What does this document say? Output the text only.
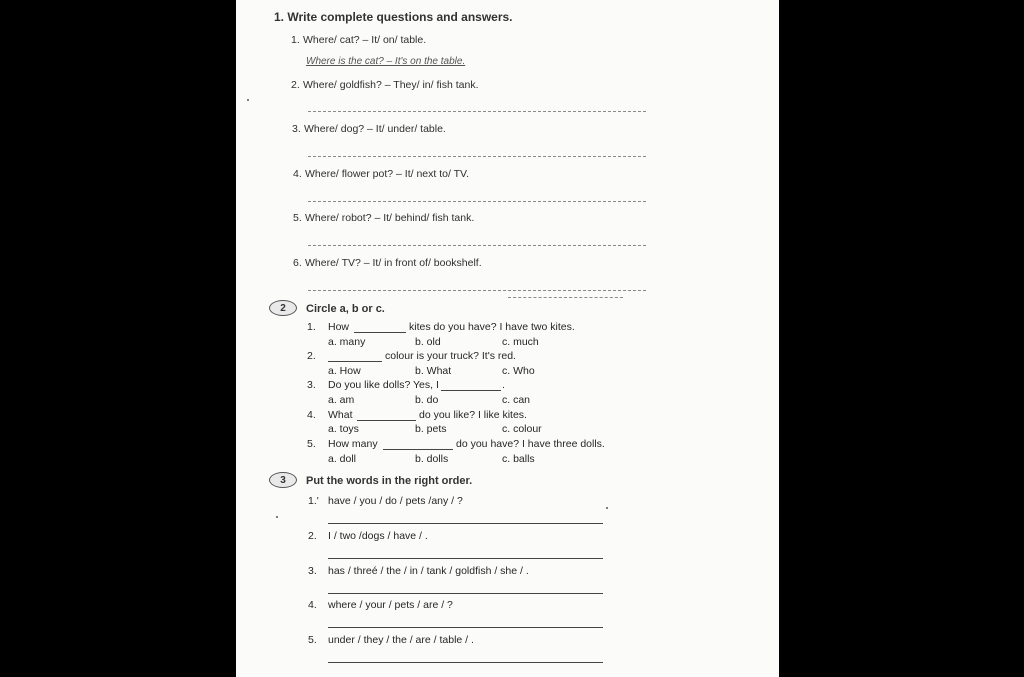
1. Write complete questions and answers.
1. Where/ cat? – It/ on/ table.
Where is the cat? – It's on the table.
2. Where/ goldfish? – They/ in/ fish tank.
3. Where/ dog? – It/ under/ table.
4. Where/ flower pot? – It/ next to/ TV.
5. Where/ robot? – It/ behind/ fish tank.
6. Where/ TV? – It/ in front of/ bookshelf.
2	Circle a, b or c.
1. How	kites do you have? I have two kites.
a. many	b. old	c. much
2.	colour is your truck? It's red.
a. How	b. What	c. Who
3. Do you like dolls? Yes, I	.
a. am	b. do	c. can
4. What	do you like? I like kites.
a. toys	b. pets	c. colour
5. How many	do you have? I have three dolls.
a. doll	b. dolls	c. balls
3	Put the words in the right order.
1.' have / you / do / pets /any / ?
2. I / two /dogs / have / .
3. has / threé / the / in / tank / goldfish / she / .
4. where / your / pets / are / ?
5. under / they / the / are / table / .
